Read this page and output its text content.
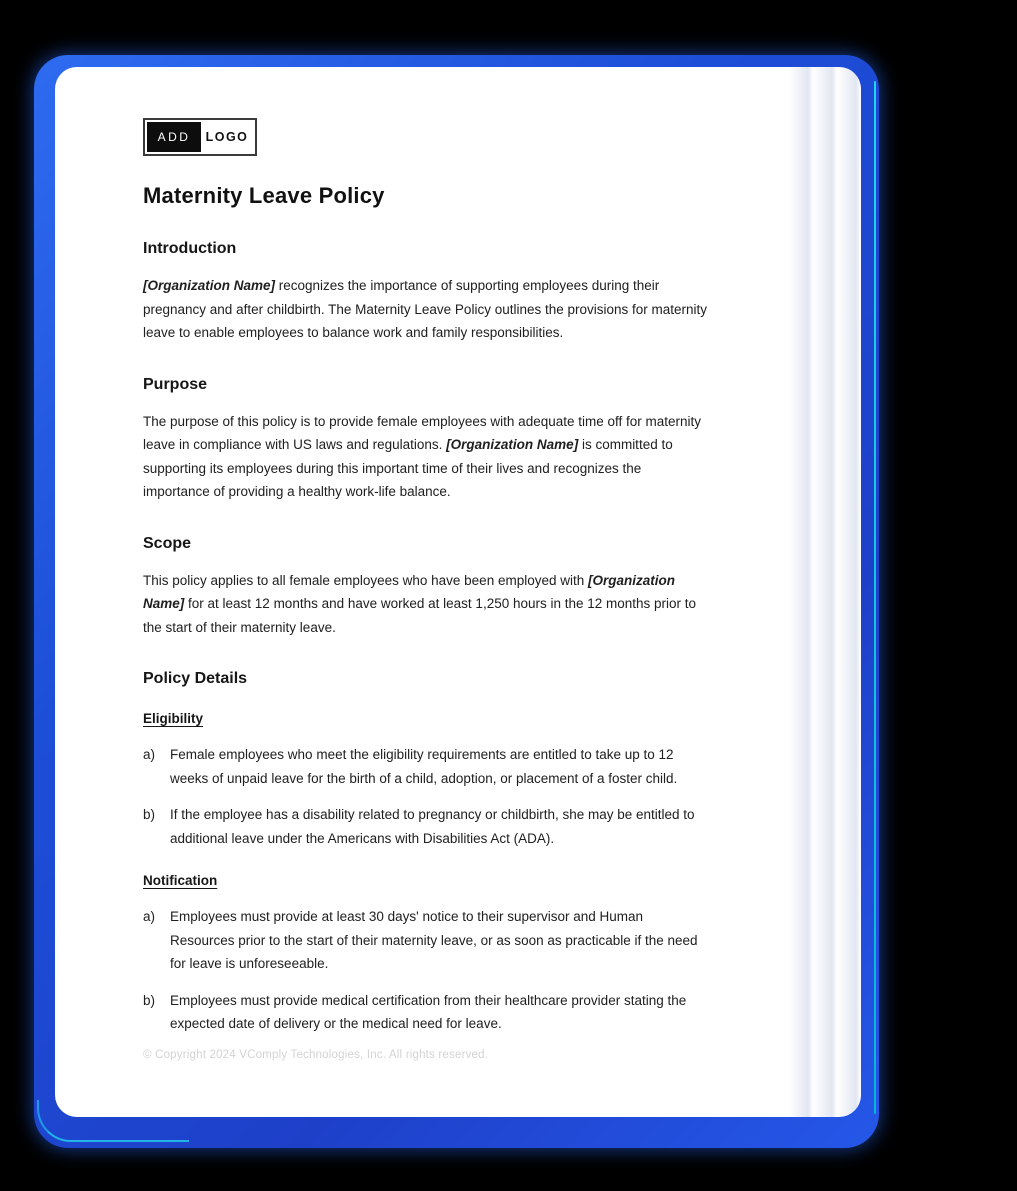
ADD	LOGO
Maternity Leave Policy
Introduction

[Organization Name] recognizes the importance of supporting employees during their pregnancy and after childbirth. The Maternity Leave Policy outlines the provisions for maternity leave to enable employees to balance work and family responsibilities.

Purpose

The purpose of this policy is to provide female employees with adequate time off for maternity leave in compliance with US laws and regulations. [Organization Name] is committed to supporting its employees during this important time of their lives and recognizes the importance of providing a healthy work-life balance.

Scope

This policy applies to all female employees who have been employed with [Organization Name] for at least 12 months and have worked at least 1,250 hours in the 12 months prior to the start of their maternity leave.

Policy Details
Eligibility
a)	Female employees who meet the eligibility requirements are entitled to take up to 12 weeks of unpaid leave for the birth of a child, adoption, or placement of a foster child.
b)	If the employee has a disability related to pregnancy or childbirth, she may be entitled to additional leave under the Americans with Disabilities Act (ADA).
Notification
a)	Employees must provide at least 30 days' notice to their supervisor and Human Resources prior to the start of their maternity leave, or as soon as practicable if the need for leave is unforeseeable.
b)	Employees must provide medical certification from their healthcare provider stating the expected date of delivery or the medical need for leave.
© Copyright 2024 VComply Technologies, Inc. All rights reserved.
